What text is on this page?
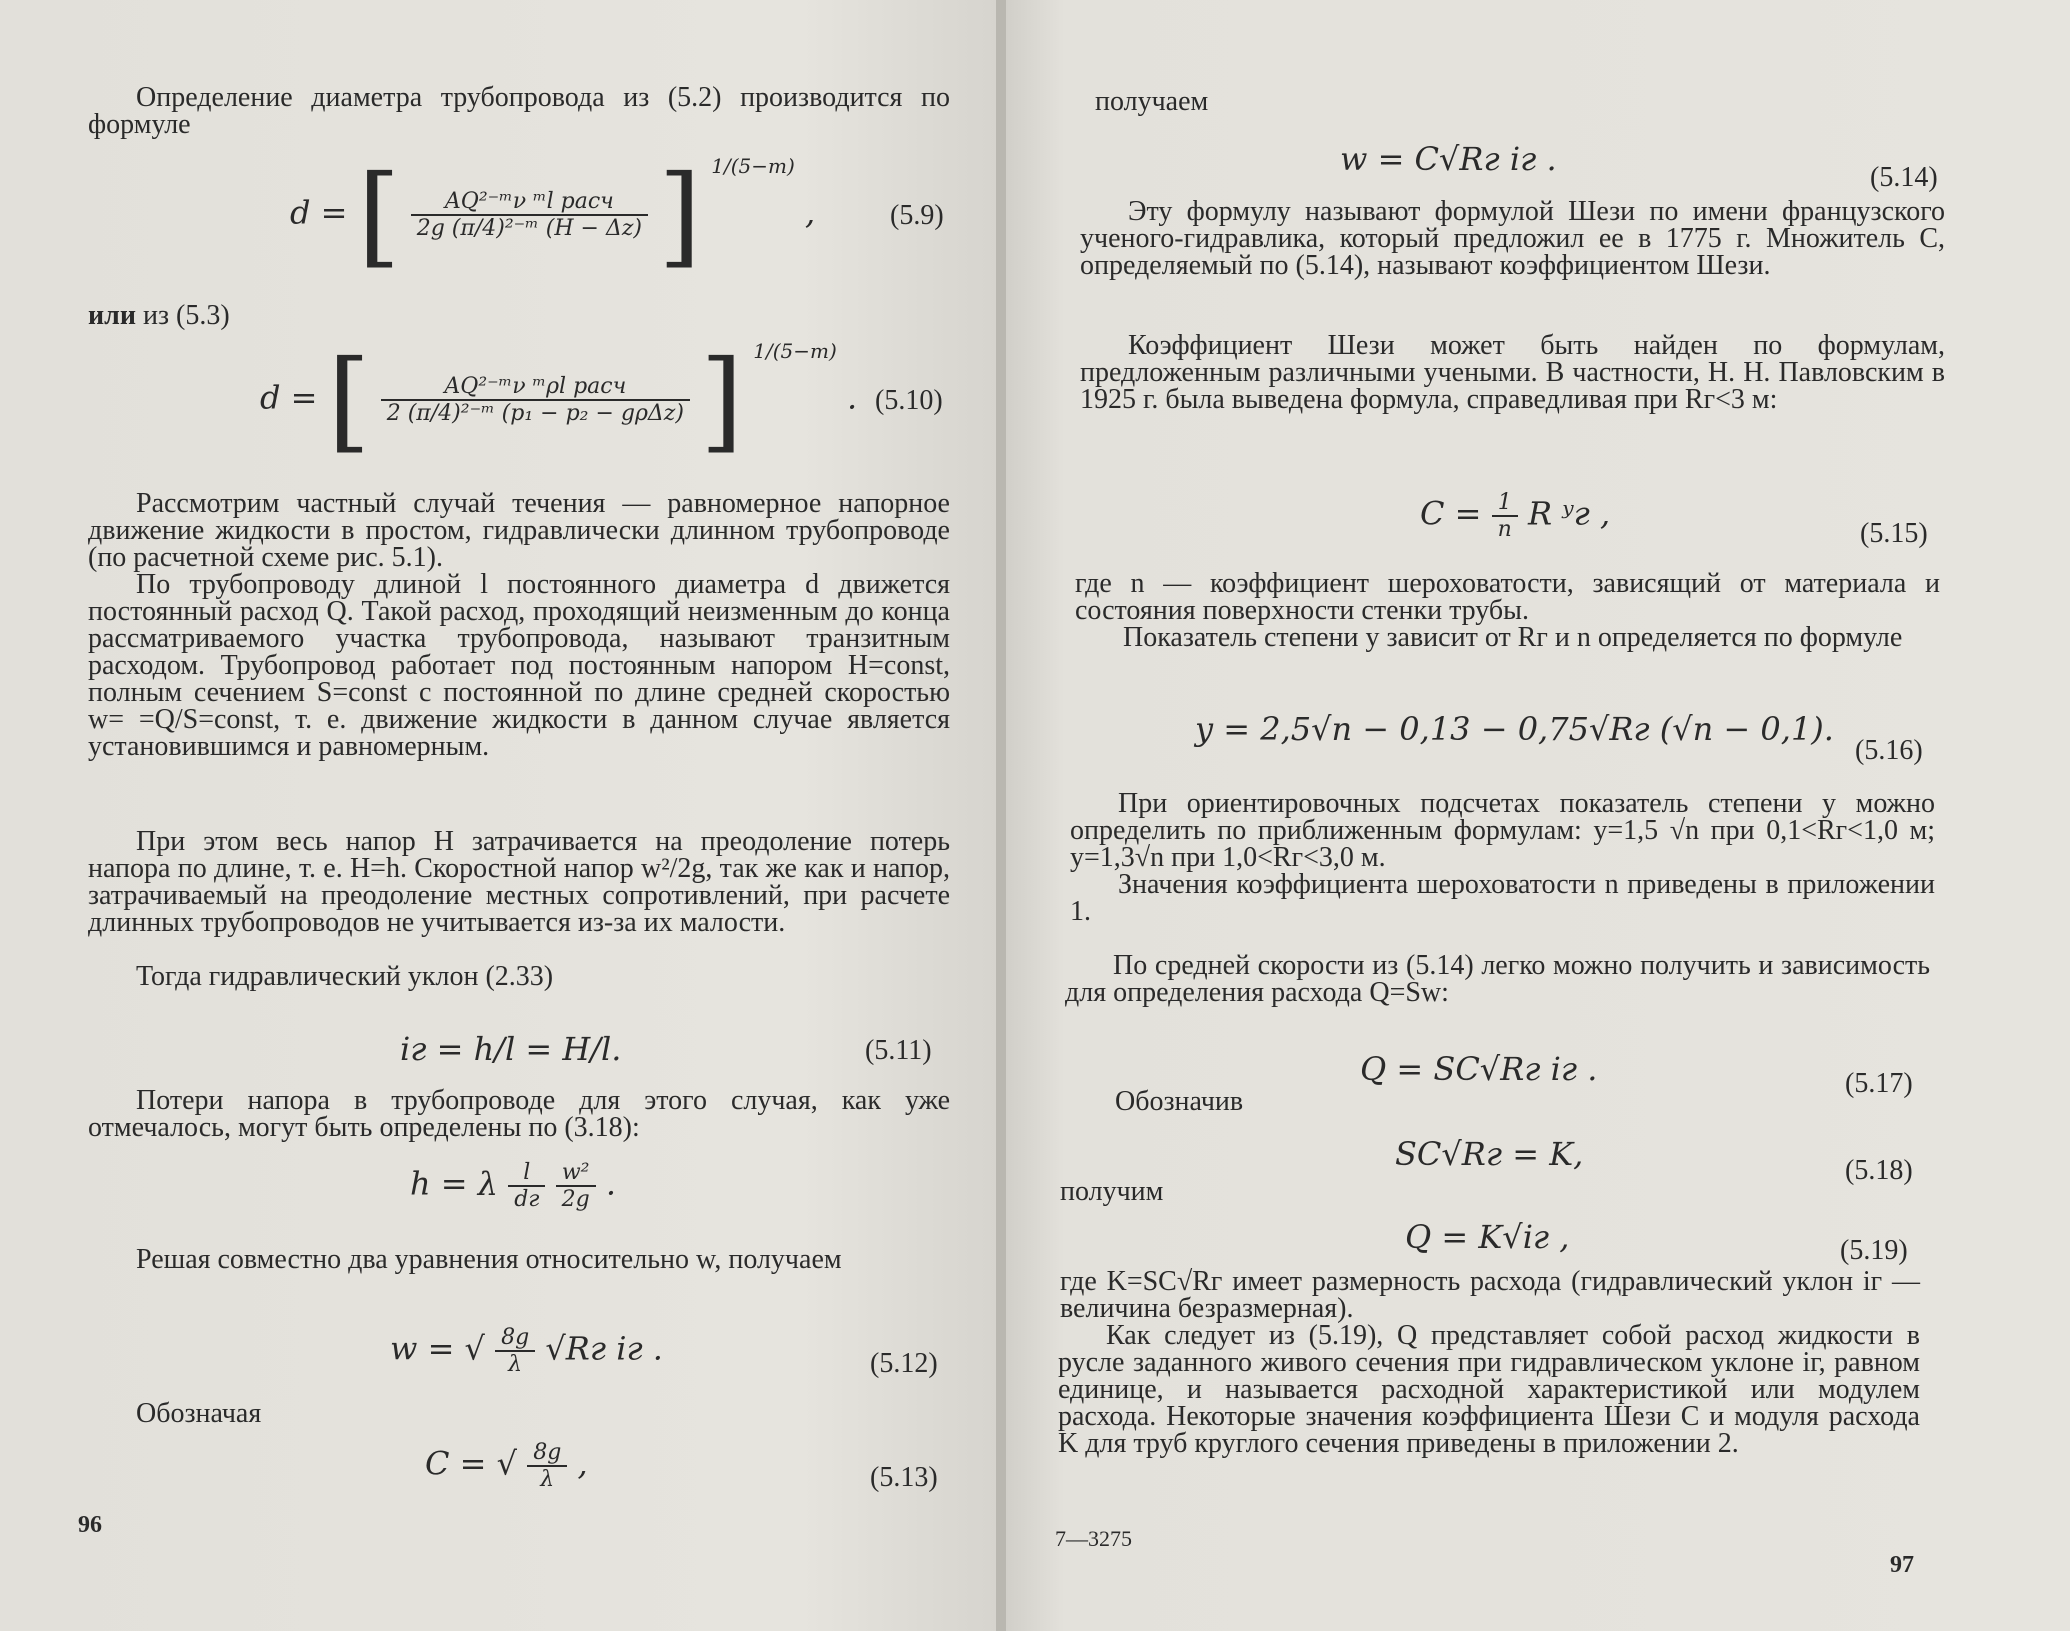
Определение диаметра трубопровода из (5.2) производится по формуле

d = [ $\frac{\text{AQ²⁻ᵐν ᵐl расч}}{\text{2g (π/4)²⁻ᵐ (H − Δz)}}$ ] $^{1/(5-m)}$ ,	(5.9)
или из (5.3)
d = [ $\frac{\text{AQ²⁻ᵐν ᵐρl расч}}{\text{2 (π/4)²⁻ᵐ (p₁ − p₂ − gρΔz)}}$ ] $^{1/(5-m)}$ . (5.10)

Рассмотрим частный случай течения — равномерное напорное движение жидкости в простом, гидравлически длинном трубопроводе (по расчетной схеме рис. 5.1).

По трубопроводу длиной l постоянного диаметра d движется постоянный расход Q. Такой расход, проходящий неизменным до конца рассматриваемого участка трубопровода, называют транзитным расходом. Трубопровод работает под постоянным напором H=const, полным сечением S=const с постоянной по длине средней скоростью w= =Q/S=const, т. е. движение жидкости в данном случае является установившимся и равномерным.

При этом весь напор H затрачивается на преодоление потерь напора по длине, т. е. H=h. Скоростной напор w²/2g, так же как и напор, затрачиваемый на преодоление местных сопротивлений, при расчете длинных трубопроводов не учитывается из-за их малости.

Тогда гидравлический уклон (2.33)

iг = h/l = H/l.	(5.11)

Потери напора в трубопроводе для этого случая, как уже отмечалось, могут быть определены по (3.18):

h = λ $\frac{l}{dг}$
$\frac{\text{w²}}{2g}$ .

Решая совместно два уравнения относительно w, получаем

w = √ $\frac{8g}{\lambda} √Rг$ iг .	(5.12)
Обозначая
C = √ $\frac{8g}{\lambda}$ ,	(5.13)
96
получаем
w = C√Rг iг .	(5.14)

Эту формулу называют формулой Шези по имени французского ученого-гидравлика, который предложил ее в 1775 г. Множитель C, определяемый по (5.14), называют коэффициентом Шези.

Коэффициент Шези может быть найден по формулам, предложенным различными учеными. В частности, Н. Н. Павловским в 1925 г. была выведена формула, справедливая при Rг<3 м:

$C = \frac{1}{n}$ R ʸг ,
(5.15)

где n — коэффициент шероховатости, зависящий от материала и состояния поверхности стенки трубы.

Показатель степени y зависит от Rг и n определяется по формуле

y = 2,5√n − 0,13 − 0,75√Rг (√n − 0,1).
(5.16)

При ориентировочных подсчетах показатель степени y можно определить по приближенным формулам: y=1,5 √n при 0,1<Rг<1,0 м; y=1,3√n при 1,0<Rг<3,0 м.

Значения коэффициента шероховатости n приведены в приложении 1.

По средней скорости из (5.14) легко можно получить и зависимость для определения расхода Q=Sw:

Q = SC√Rг iг .	(5.17)
Обозначив
SC√Rг = K,	(5.18)
получим
Q = K√iг ,	(5.19)

где K=SC√Rг имеет размерность расхода (гидравлический уклон iг — величина безразмерная).

Как следует из (5.19), Q представляет собой расход жидкости в русле заданного живого сечения при гидравлическом уклоне iг, равном единице, и называется расходной характеристикой или модулем расхода. Некоторые значения коэффициента Шези C и модуля расхода K для труб круглого сечения приведены в приложении 2.

7—3275
97
